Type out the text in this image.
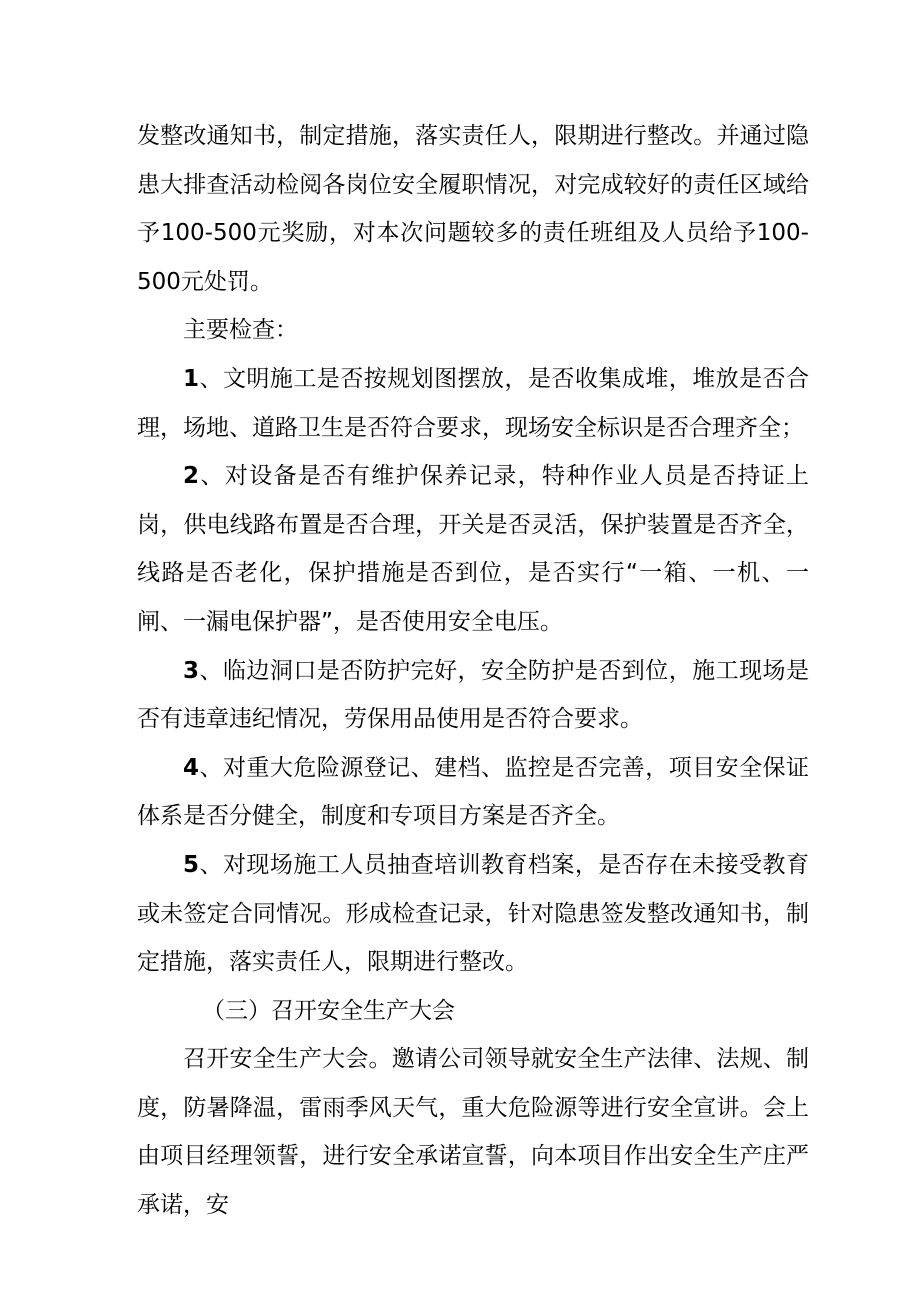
发整改通知书，制定措施，落实责任人，限期进行整改。并通过隐患大排查活动检阅各岗位安全履职情况，对完成较好的责任区域给予100-500元奖励，对本次问题较多的责任班组及人员给予100-500元处罚。

主要检查：

1、文明施工是否按规划图摆放，是否收集成堆，堆放是否合理，场地、道路卫生是否符合要求，现场安全标识是否合理齐全；

2、对设备是否有维护保养记录，特种作业人员是否持证上岗，供电线路布置是否合理，开关是否灵活，保护装置是否齐全，线路是否老化，保护措施是否到位，是否实行“一箱、一机、一闸、一漏电保护器”，是否使用安全电压。

3、临边洞口是否防护完好，安全防护是否到位，施工现场是否有违章违纪情况，劳保用品使用是否符合要求。

4、对重大危险源登记、建档、监控是否完善，项目安全保证体系是否分健全，制度和专项目方案是否齐全。

5、对现场施工人员抽查培训教育档案，是否存在未接受教育或未签定合同情况。形成检查记录，针对隐患签发整改通知书，制定措施，落实责任人，限期进行整改。

（三）召开安全生产大会

召开安全生产大会。邀请公司领导就安全生产法律、法规、制度，防暑降温，雷雨季风天气，重大危险源等进行安全宣讲。会上由项目经理领誓，进行安全承诺宣誓，向本项目作出安全生产庄严承诺，安
